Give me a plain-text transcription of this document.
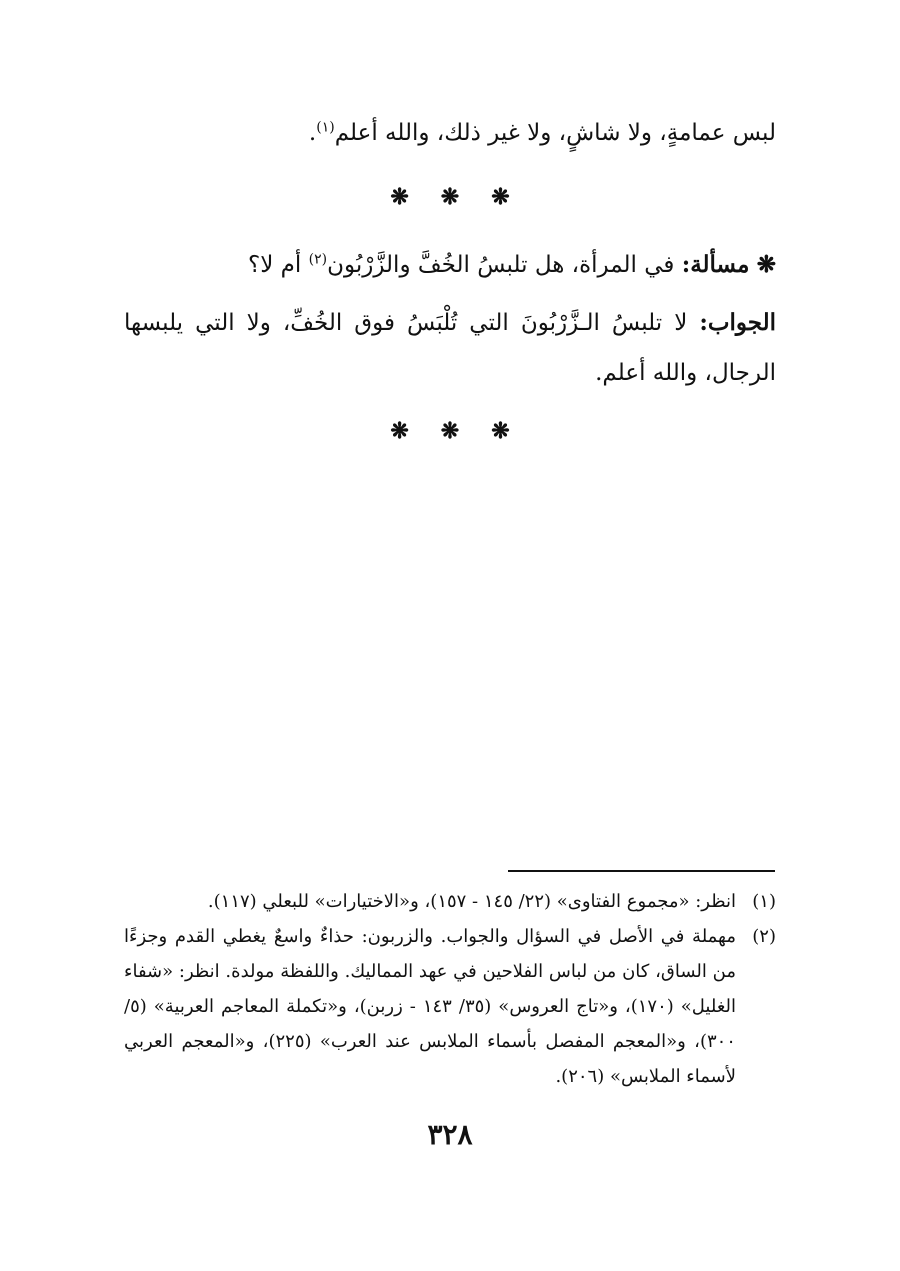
لبس عمامةٍ، ولا شاشٍ، ولا غير ذلك، والله أعلم$^{(١)}$.

❋ ❋ ❋

❋ مسألة: في المرأة، هل تلبسُ الخُفَّ والزَّرْبُون$^{(٢)}$ أم لا؟

الجواب: لا تلبسُ الـزَّرْبُونَ التي تُلْبَسُ فوق الخُفِّ، ولا التي يلبسها الرجال، والله أعلم.

❋ ❋ ❋
(١)
انظر: «مجموع الفتاوى» (٢٢/ ١٤٥ - ١٥٧)، و«الاختيارات» للبعلي (١١٧).
(٢)
مهملة في الأصل في السؤال والجواب. والزربون: حذاءٌ واسعٌ يغطي القدم وجزءًا من الساق، كان من لباس الفلاحين في عهد المماليك. واللفظة مولدة. انظر: «شفاء الغليل» (١٧٠)، و«تاج العروس» (٣٥/ ١٤٣ - زربن)، و«تكملة المعاجم العربية» (٥/ ٣٠٠)، و«المعجم المفصل بأسماء الملابس عند العرب» (٢٢٥)، و«المعجم العربي لأسماء الملابس» (٢٠٦).
٣٢٨
